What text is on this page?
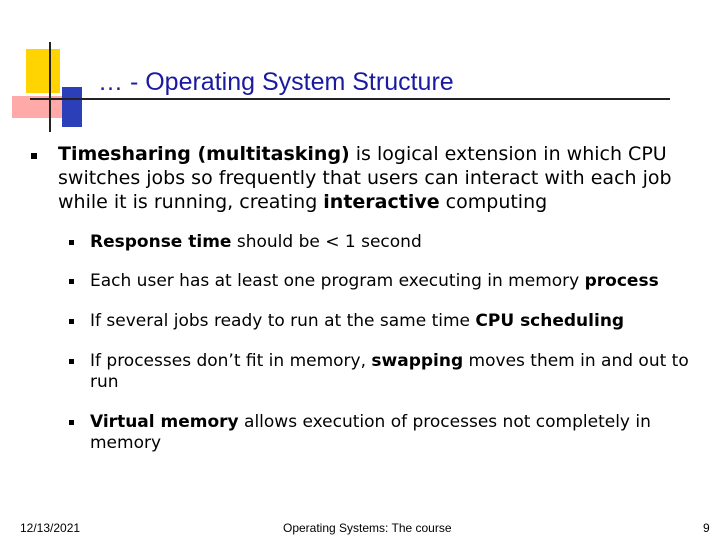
… - Operating System Structure
Timesharing (multitasking) is logical extension in which CPU switches jobs so frequently that users can interact with each job while it is running, creating interactive computing
Response time should be < 1 second
Each user has at least one program executing in memory process
If several jobs ready to run at the same time CPU scheduling
If processes don’t fit in memory, swapping moves them in and out to run
Virtual memory allows execution of processes not completely in memory
12/13/2021	Operating Systems: The course	9
